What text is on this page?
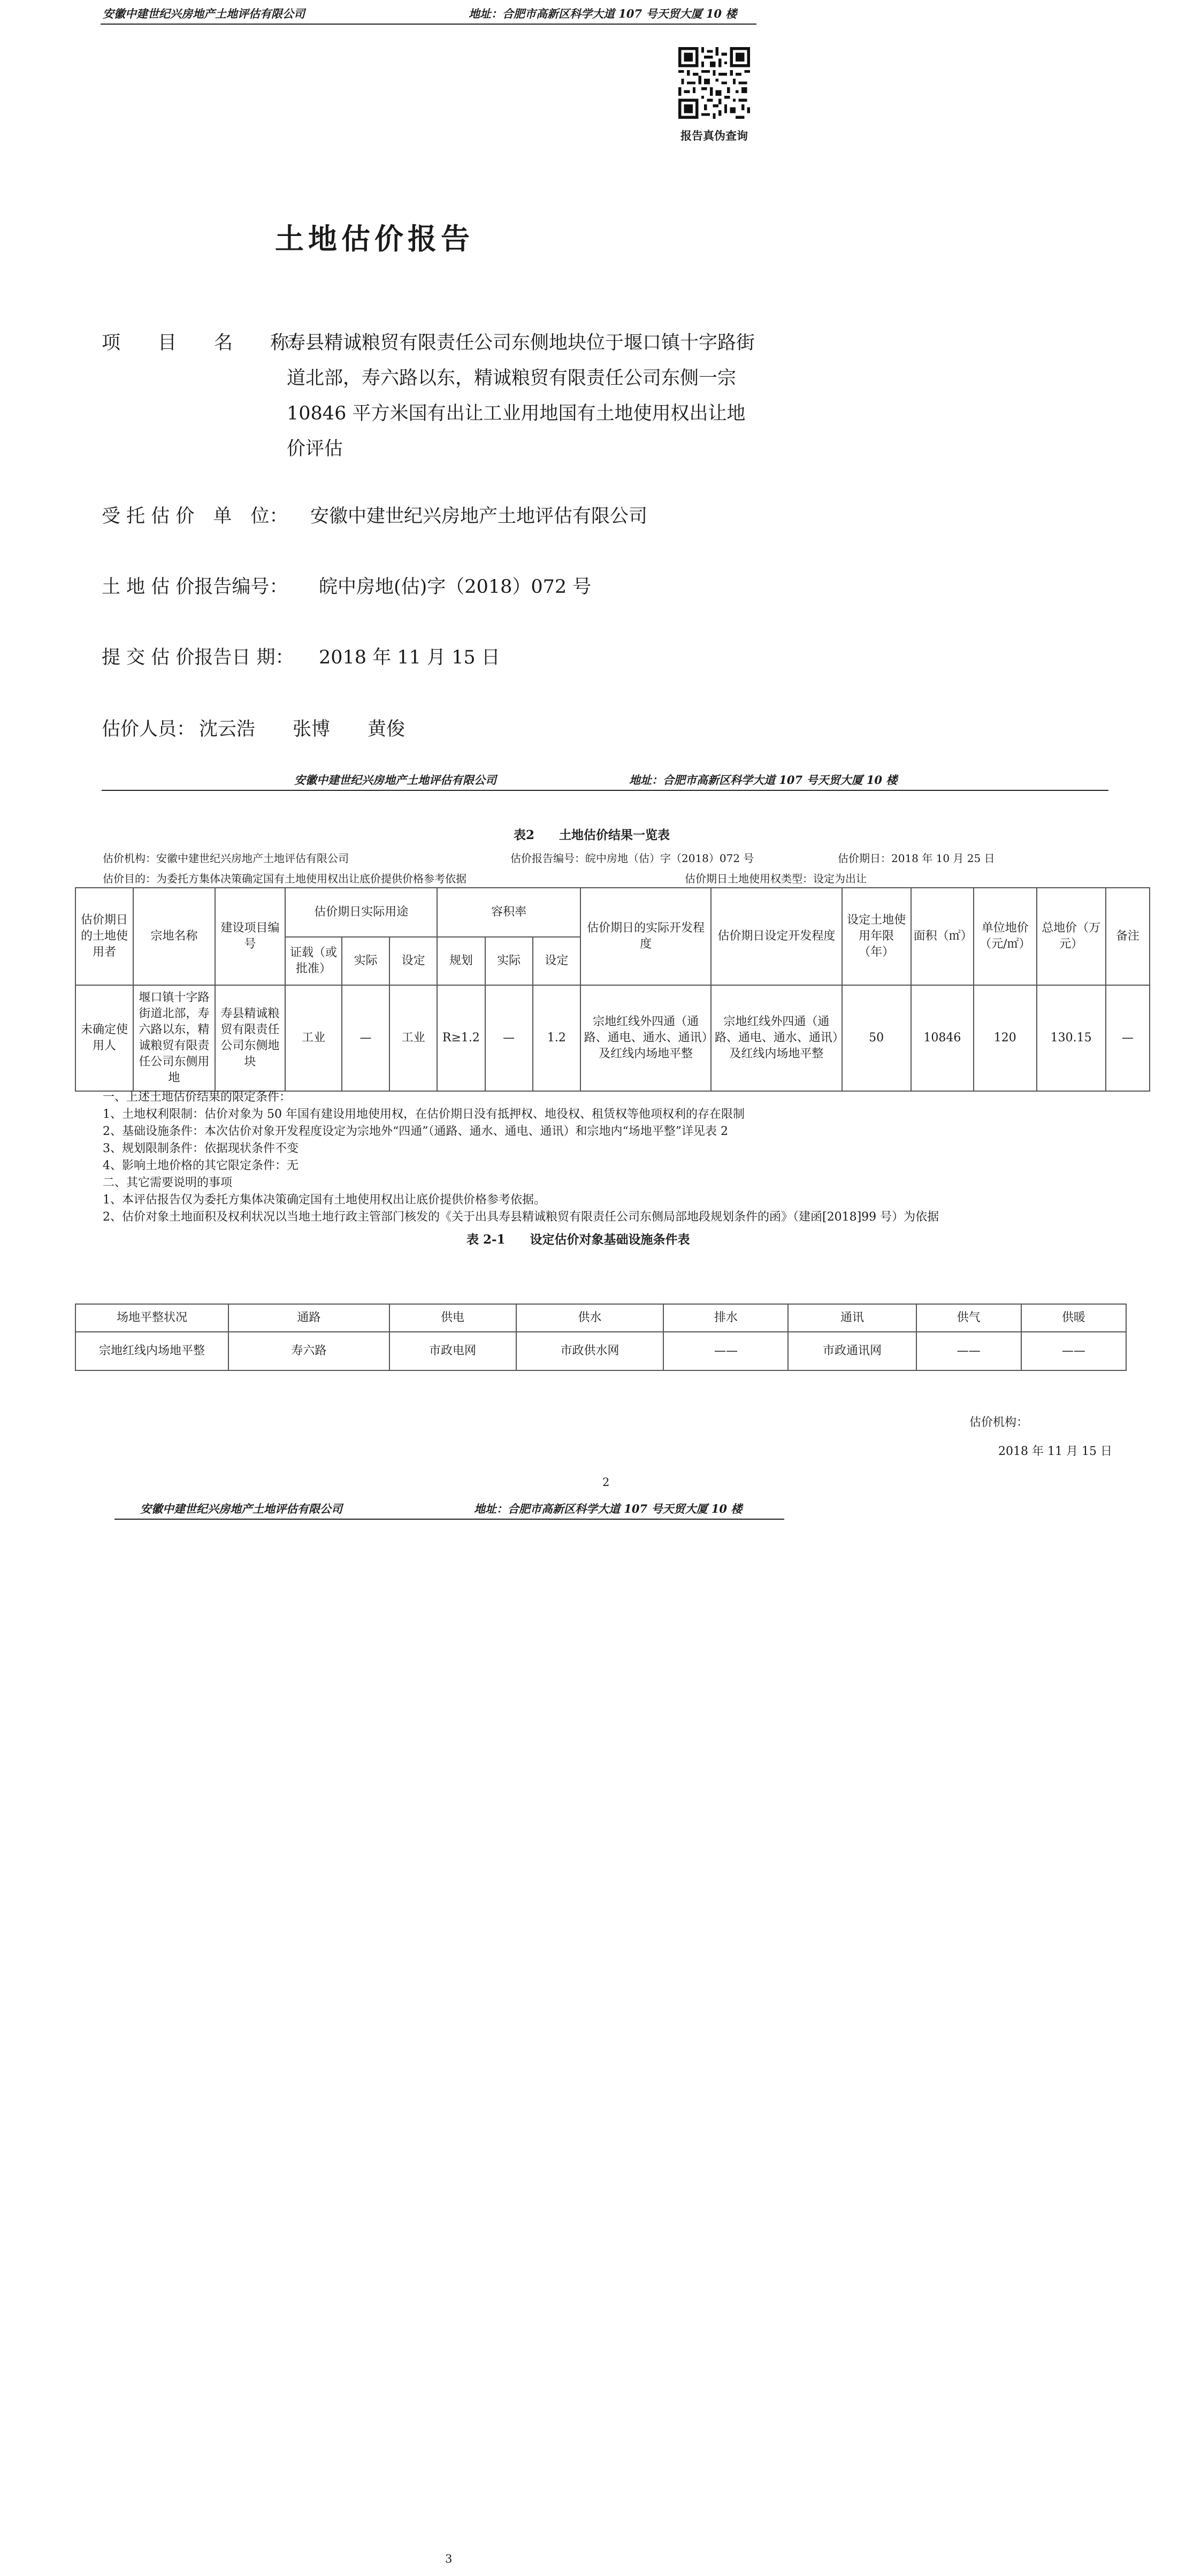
安徽中建世纪兴房地产土地评估有限公司	地址：合肥市高新区科学大道 107 号天贸大厦 10 楼
报告真伪查询
土地估价报告
项　　目　　名　　称：
寿县精诚粮贸有限责任公司东侧地块位于堰口镇十字路街道北部，寿六路以东，精诚粮贸有限责任公司东侧一宗 10846 平方米国有出让工业用地国有土地使用权出让地价评估
受 托 估 价　单　位： 安徽中建世纪兴房地产土地评估有限公司
土 地 估 价报告编号： 皖中房地(估)字（2018）072 号
提 交 估 价报告日 期： 2018 年 11 月 15 日
估价人员： 沈云浩　　张博　　黄俊
安徽中建世纪兴房地产土地评估有限公司	地址：合肥市高新区科学大道 107 号天贸大厦 10 楼
表2　　土地估价结果一览表
估价机构：安徽中建世纪兴房地产土地评估有限公司	估价报告编号：皖中房地（估）字（2018）072 号	估价期日：2018 年 10 月 25 日
估价目的：为委托方集体决策确定国有土地使用权出让底价提供价格参考依据	估价期日土地使用权类型：设定为出让
估价期日的土地使用者	宗地名称	建设项目编号	估价期日实际用途			容积率			估价期日的实际开发程度	估价期日设定开发程度	设定土地使用年限（年）	面积（㎡）	单位地价（元/㎡）	总地价（万元）	备注
			证载（或批准）	实际	设定	规划	实际	设定							
未确定使用人	堰口镇十字路街道北部，寿六路以东，精诚粮贸有限责任公司东侧用地	寿县精诚粮贸有限责任公司东侧地块	工业	—	工业	R≥1.2	—	1.2	宗地红线外四通（通路、通电、通水、通讯）及红线内场地平整	宗地红线外四通（通路、通电、通水、通讯）及红线内场地平整	50	10846	120	130.15	—
一、上述土地估价结果的限定条件：
1、土地权利限制：估价对象为 50 年国有建设用地使用权，在估价期日没有抵押权、地役权、租赁权等他项权利的存在限制
2、基础设施条件：本次估价对象开发程度设定为宗地外“四通”（通路、通水、通电、通讯）和宗地内“场地平整”详见表 2
3、规划限制条件：依据现状条件不变
4、影响土地价格的其它限定条件：无
二、其它需要说明的事项
1、本评估报告仅为委托方集体决策确定国有土地使用权出让底价提供价格参考依据。
2、估价对象土地面积及权利状况以当地土地行政主管部门核发的《关于出具寿县精诚粮贸有限责任公司东侧局部地段规划条件的函》（建函[2018]99 号）为依据
表 2-1　　设定估价对象基础设施条件表
场地平整状况	通路	供电	供水	排水	通讯	供气	供暖
宗地红线内场地平整	寿六路	市政电网	市政供水网	——	市政通讯网	——	——
估价机构：
2018 年 11 月 15 日
2
安徽中建世纪兴房地产土地评估有限公司	地址：合肥市高新区科学大道 107 号天贸大厦 10 楼
3
